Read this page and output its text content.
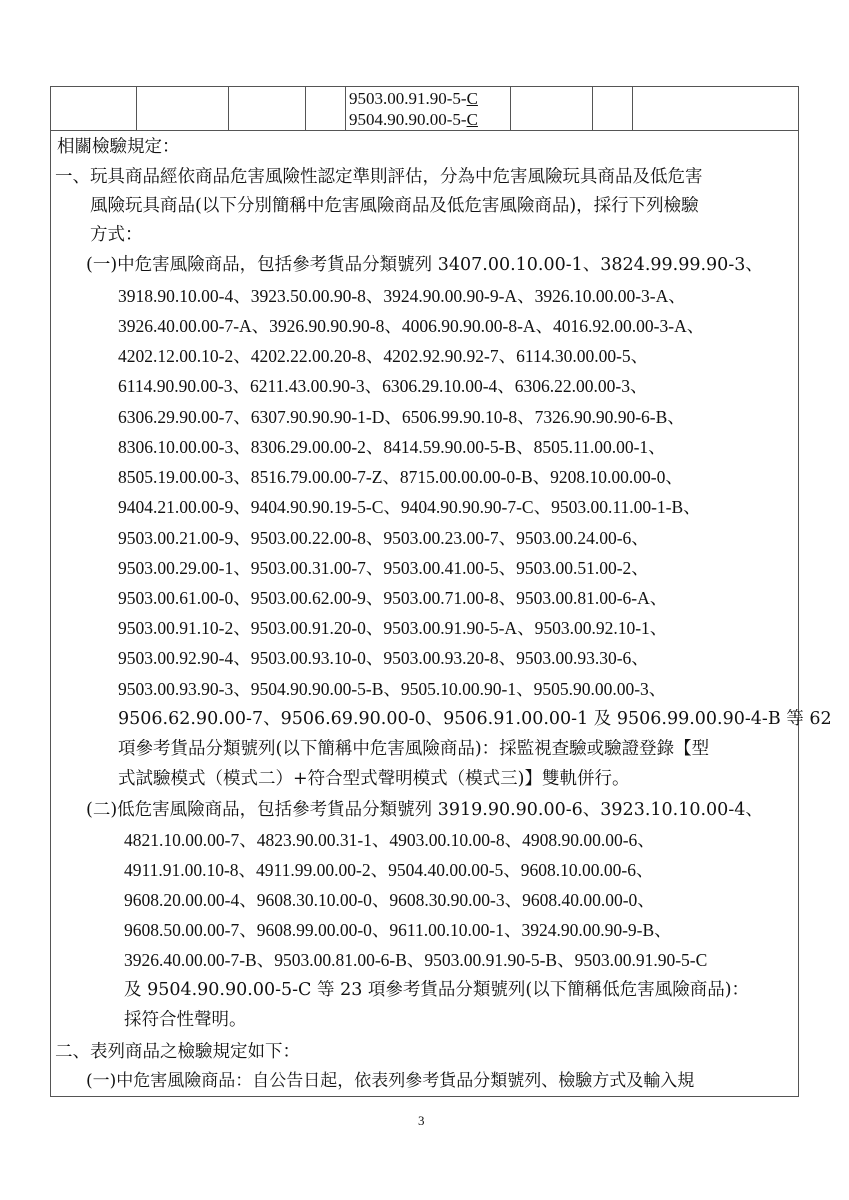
9503.00.91.90-5-C
9504.90.90.00-5-C
相關檢驗規定：
一、玩具商品經依商品危害風險性認定準則評估，分為中危害風險玩具商品及低危害
風險玩具商品(以下分別簡稱中危害風險商品及低危害風險商品)，採行下列檢驗
方式：
(一)中危害風險商品，包括參考貨品分類號列 3407.00.10.00-1、3824.99.99.90-3、
3918.90.10.00-4、3923.50.00.90-8、3924.90.00.90-9-A、3926.10.00.00-3-A、
3926.40.00.00-7-A、3926.90.90.90-8、4006.90.90.00-8-A、4016.92.00.00-3-A、
4202.12.00.10-2、4202.22.00.20-8、4202.92.90.92-7、6114.30.00.00-5、
6114.90.90.00-3、6211.43.00.90-3、6306.29.10.00-4、6306.22.00.00-3、
6306.29.90.00-7、6307.90.90.90-1-D、6506.99.90.10-8、7326.90.90.90-6-B、
8306.10.00.00-3、8306.29.00.00-2、8414.59.90.00-5-B、8505.11.00.00-1、
8505.19.00.00-3、8516.79.00.00-7-Z、8715.00.00.00-0-B、9208.10.00.00-0、
9404.21.00.00-9、9404.90.90.19-5-C、9404.90.90.90-7-C、9503.00.11.00-1-B、
9503.00.21.00-9、9503.00.22.00-8、9503.00.23.00-7、9503.00.24.00-6、
9503.00.29.00-1、9503.00.31.00-7、9503.00.41.00-5、9503.00.51.00-2、
9503.00.61.00-0、9503.00.62.00-9、9503.00.71.00-8、9503.00.81.00-6-A、
9503.00.91.10-2、9503.00.91.20-0、9503.00.91.90-5-A、9503.00.92.10-1、
9503.00.92.90-4、9503.00.93.10-0、9503.00.93.20-8、9503.00.93.30-6、
9503.00.93.90-3、9504.90.90.00-5-B、9505.10.00.90-1、9505.90.00.00-3、
9506.62.90.00-7、9506.69.90.00-0、9506.91.00.00-1 及 9506.99.00.90-4-B 等 62
項參考貨品分類號列(以下簡稱中危害風險商品)：採監視查驗或驗證登錄【型
式試驗模式（模式二）+符合型式聲明模式（模式三)】雙軌併行。
(二)低危害風險商品，包括參考貨品分類號列 3919.90.90.00-6、3923.10.10.00-4、
4821.10.00.00-7、4823.90.00.31-1、4903.00.10.00-8、4908.90.00.00-6、
4911.91.00.10-8、4911.99.00.00-2、9504.40.00.00-5、9608.10.00.00-6、
9608.20.00.00-4、9608.30.10.00-0、9608.30.90.00-3、9608.40.00.00-0、
9608.50.00.00-7、9608.99.00.00-0、9611.00.10.00-1、3924.90.00.90-9-B、
3926.40.00.00-7-B、9503.00.81.00-6-B、9503.00.91.90-5-B、9503.00.91.90-5-C
及 9504.90.90.00-5-C 等 23 項參考貨品分類號列(以下簡稱低危害風險商品)：
採符合性聲明。
二、表列商品之檢驗規定如下：
(一)中危害風險商品：自公告日起，依表列參考貨品分類號列、檢驗方式及輸入規
3
